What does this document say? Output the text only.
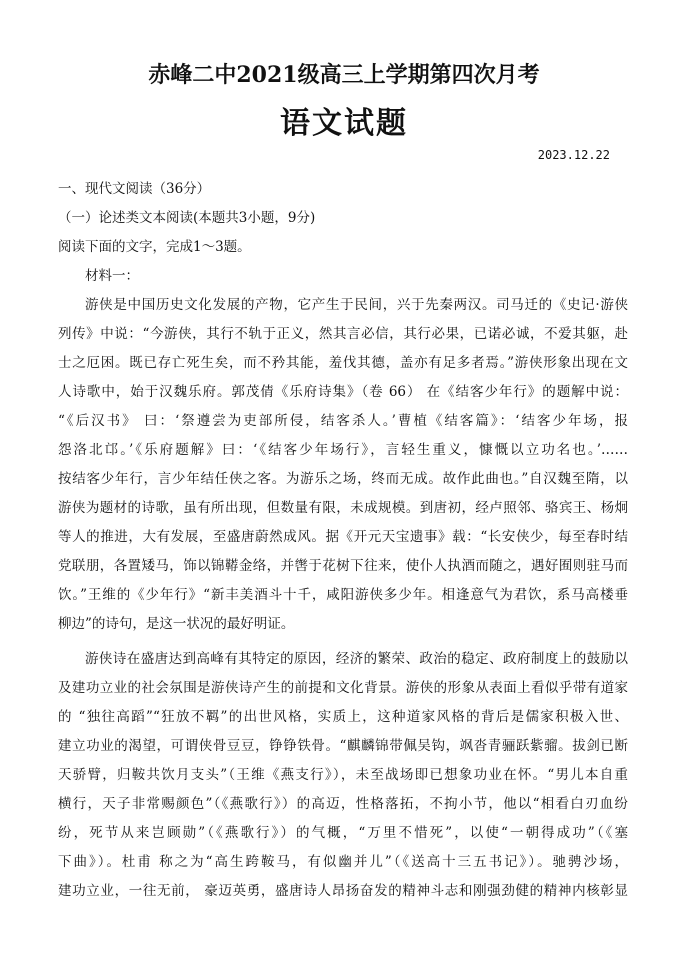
赤峰二中2021级高三上学期第四次月考
语文试题
2023.12.22
一、现代文阅读（36分）
（一）论述类文本阅读(本题共3小题，9分)
阅读下面的文字，完成1～3题。
材料一：
游侠是中国历史文化发展的产物，它产生于民间，兴于先秦两汉。司马迁的《史记·游侠
列传》中说：“今游侠，其行不轨于正义，然其言必信，其行必果，已诺必诚，不爱其躯，赴
士之厄困。既已存亡死生矣，而不矜其能，羞伐其德，盖亦有足多者焉。”游侠形象出现在文
人诗歌中，始于汉魏乐府。郭茂倩《乐府诗集》（卷 66） 在《结客少年行》的题解中说：
“《后汉书》 曰：‘祭遵尝为吏部所侵，结客杀人。’曹植《结客篇》：‘结客少年场，报
怨洛北邙。’《乐府题解》曰：‘《结客少年场行》，言轻生重义，慷慨以立功名也。’……
按结客少年行，言少年结任侠之客。为游乐之场，终而无成。故作此曲也。”自汉魏至隋，以
游侠为题材的诗歌，虽有所出现，但数量有限，未成规模。到唐初，经卢照邻、骆宾王、杨炯
等人的推进，大有发展，至盛唐蔚然成风。据《开元天宝遗事》载：“长安侠少，每至春时结
党联朋，各置矮马，饰以锦鞯金络，并辔于花树下往来，使仆人执酒而随之，遇好囿则驻马而
饮。”王维的《少年行》“新丰美酒斗十千，咸阳游侠多少年。相逢意气为君饮，系马高楼垂
柳边”的诗句，是这一状况的最好明证。
游侠诗在盛唐达到高峰有其特定的原因，经济的繁荣、政治的稳定、政府制度上的鼓励以
及建功立业的社会氛围是游侠诗产生的前提和文化背景。游侠的形象从表面上看似乎带有道家
的 “独往高蹈”“狂放不羁”的出世风格，实质上，这种道家风格的背后是儒家积极入世、
建立功业的渴望，可谓侠骨豆豆，铮铮铁骨。“麒麟锦带佩吴钩，飒沓青骊跃紫骝。拔剑已断
天骄臂，归鞍共饮月支头”（王维《燕支行》），未至战场即已想象功业在怀。“男儿本自重
横行，天子非常赐颜色”（《燕歌行》）的高迈，性格落拓，不拘小节，他以“相看白刃血纷
纷，死节从来岂顾勋”（《燕歌行》）的气概，“万里不惜死”，以使“一朝得成功”（《塞
下曲》）。杜甫 称之为“高生跨鞍马，有似幽并儿”（《送高十三五书记》）。驰骋沙场，
建功立业，一往无前， 豪迈英勇，盛唐诗人昂扬奋发的精神斗志和刚强劲健的精神内核彰显
